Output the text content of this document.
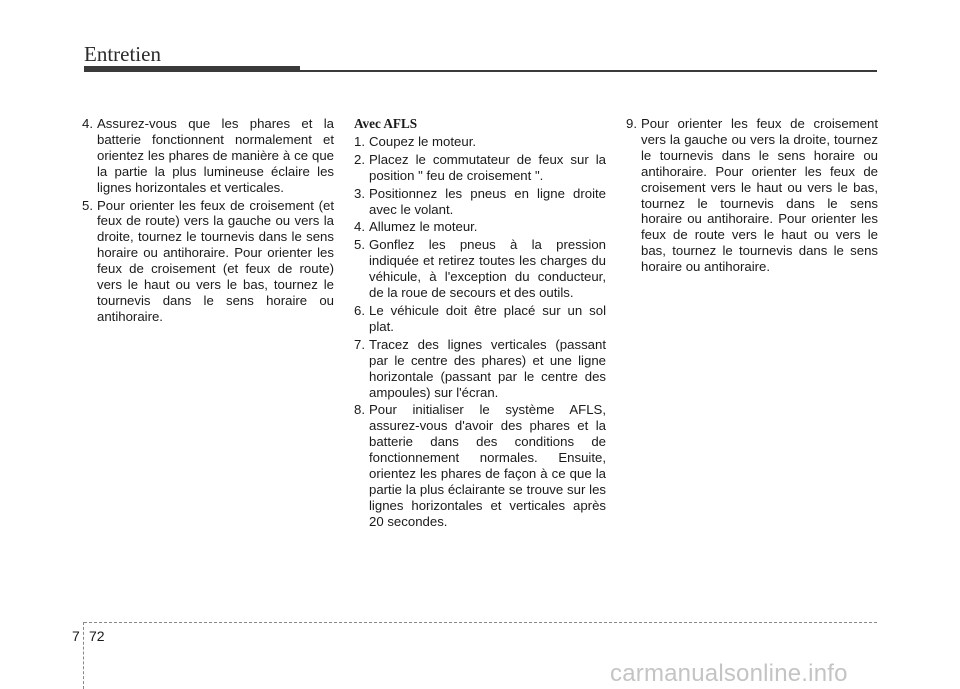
Entretien
4. Assurez-vous que les phares et la batterie fonctionnent normalement et orientez les phares de manière à ce que la partie la plus lumineuse éclaire les lignes horizontales et verticales.
5. Pour orienter les feux de croisement (et feux de route) vers la gauche ou vers la droite, tournez le tournevis dans le sens horaire ou antihoraire. Pour orienter les feux de croisement (et feux de route) vers le haut ou vers le bas, tournez le tournevis dans le sens horaire ou antihoraire.
Avec AFLS
1. Coupez le moteur.
2. Placez le commutateur de feux sur la position " feu de croisement ".
3. Positionnez les pneus en ligne droite avec le volant.
4. Allumez le moteur.
5. Gonflez les pneus à la pression indiquée et retirez toutes les charges du véhicule, à l'exception du conducteur, de la roue de secours et des outils.
6. Le véhicule doit être placé sur un sol plat.
7. Tracez des lignes verticales (passant par le centre des phares) et une ligne horizontale (passant par le centre des ampoules) sur l'écran.
8. Pour initialiser le système AFLS, assurez-vous d'avoir des phares et la batterie dans des conditions de fonctionnement normales. Ensuite, orientez les phares de façon à ce que la partie la plus éclairante se trouve sur les lignes horizontales et verticales après 20 secondes.
9. Pour orienter les feux de croisement vers la gauche ou vers la droite, tournez le tournevis dans le sens horaire ou antihoraire. Pour orienter les feux de croisement vers le haut ou vers le bas, tournez le tournevis dans le sens horaire ou antihoraire. Pour orienter les feux de route vers le haut ou vers le bas, tournez le tournevis dans le sens horaire ou antihoraire.
7 72
carmanualsonline.info
